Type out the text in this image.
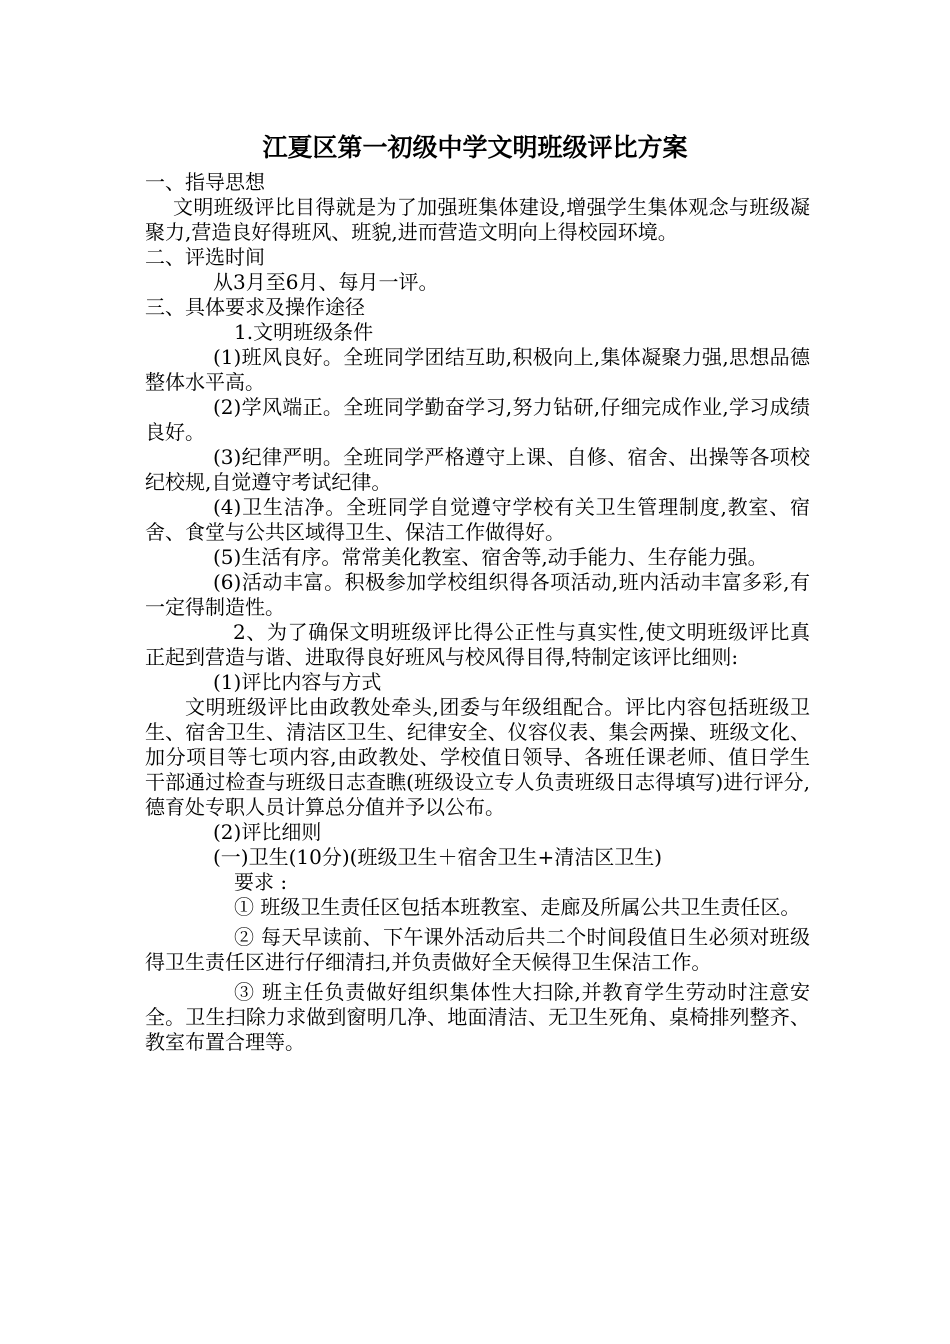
江夏区第一初级中学文明班级评比方案

一、指导思想

文明班级评比目得就是为了加强班集体建设,增强学生集体观念与班级凝聚力,营造良好得班风、班貌,进而营造文明向上得校园环境。

二、评选时间

从3月至6月、每月一评。

三、具体要求及操作途径

1.文明班级条件

(1)班风良好。全班同学团结互助,积极向上,集体凝聚力强,思想品德整体水平高。

(2)学风端正。全班同学勤奋学习,努力钻研,仔细完成作业,学习成绩良好。

(3)纪律严明。全班同学严格遵守上课、自修、宿舍、出操等各项校纪校规,自觉遵守考试纪律。

(4)卫生洁净。全班同学自觉遵守学校有关卫生管理制度,教室、宿舍、食堂与公共区域得卫生、保洁工作做得好。

(5)生活有序。常常美化教室、宿舍等,动手能力、生存能力强。

(6)活动丰富。积极参加学校组织得各项活动,班内活动丰富多彩,有一定得制造性。

2、为了确保文明班级评比得公正性与真实性,使文明班级评比真正起到营造与谐、进取得良好班风与校风得目得,特制定该评比细则:

(1)评比内容与方式

文明班级评比由政教处牵头,团委与年级组配合。评比内容包括班级卫生、宿舍卫生、清洁区卫生、纪律安全、仪容仪表、集会两操、班级文化、加分项目等七项内容,由政教处、学校值日领导、各班任课老师、值日学生干部通过检查与班级日志查瞧(班级设立专人负责班级日志得填写)进行评分,德育处专职人员计算总分值并予以公布。

(2)评比细则

(一)卫生(10分)(班级卫生＋宿舍卫生+清洁区卫生)

要求 :

① 班级卫生责任区包括本班教室、走廊及所属公共卫生责任区。

② 每天早读前、下午课外活动后共二个时间段值日生必须对班级得卫生责任区进行仔细清扫,并负责做好全天候得卫生保洁工作。

③ 班主任负责做好组织集体性大扫除,并教育学生劳动时注意安全。卫生扫除力求做到窗明几净、地面清洁、无卫生死角、桌椅排列整齐、教室布置合理等。
